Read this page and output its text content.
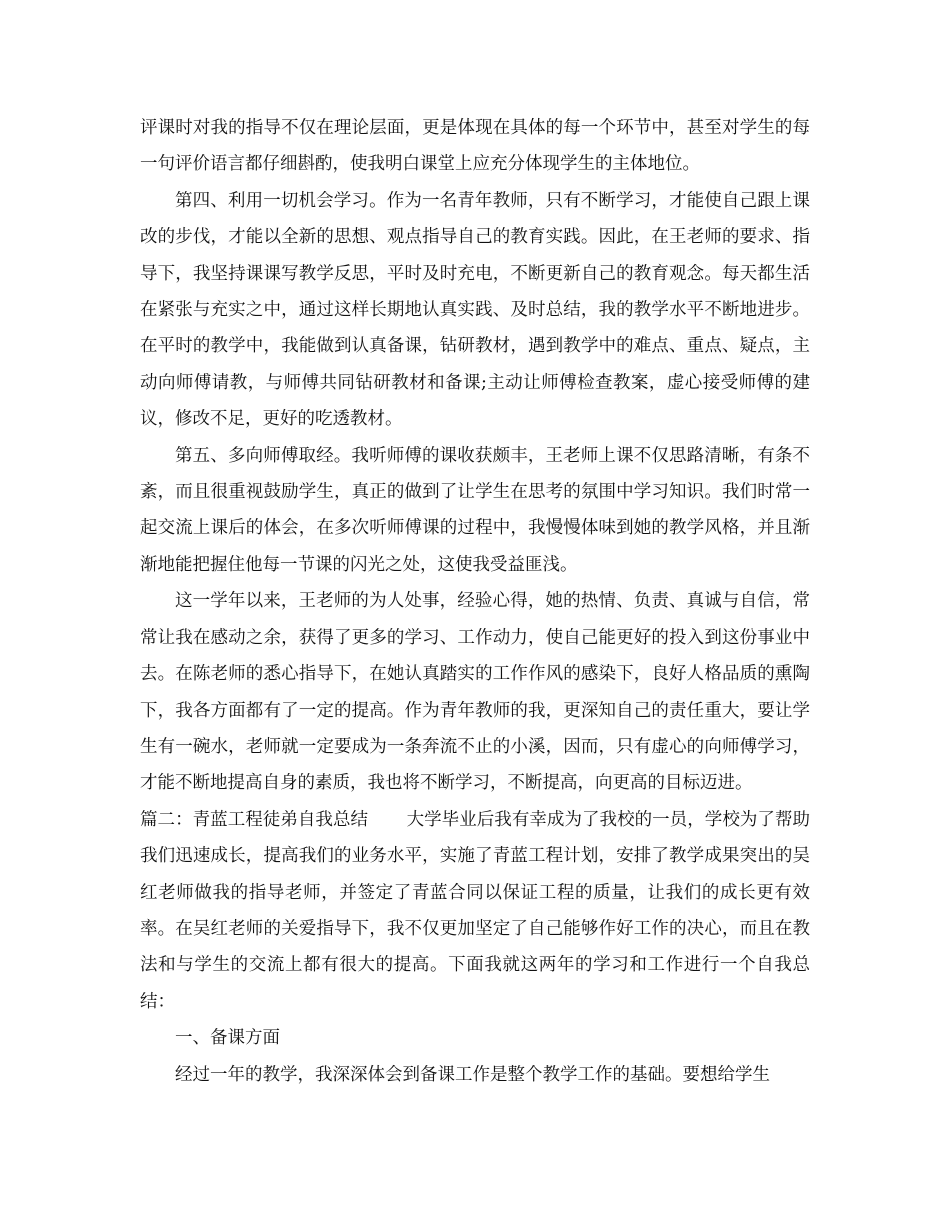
评课时对我的指导不仅在理论层面，更是体现在具体的每一个环节中，甚至对学生的每一句评价语言都仔细斟酌，使我明白课堂上应充分体现学生的主体地位。

第四、利用一切机会学习。作为一名青年教师，只有不断学习，才能使自己跟上课改的步伐，才能以全新的思想、观点指导自己的教育实践。因此，在王老师的要求、指导下，我坚持课课写教学反思，平时及时充电，不断更新自己的教育观念。每天都生活在紧张与充实之中，通过这样长期地认真实践、及时总结，我的教学水平不断地进步。在平时的教学中，我能做到认真备课，钻研教材，遇到教学中的难点、重点、疑点，主动向师傅请教，与师傅共同钻研教材和备课;主动让师傅检查教案，虚心接受师傅的建议，修改不足，更好的吃透教材。

第五、多向师傅取经。我听师傅的课收获颇丰，王老师上课不仅思路清晰，有条不紊，而且很重视鼓励学生，真正的做到了让学生在思考的氛围中学习知识。我们时常一起交流上课后的体会，在多次听师傅课的过程中，我慢慢体味到她的教学风格，并且渐渐地能把握住他每一节课的闪光之处，这使我受益匪浅。

这一学年以来，王老师的为人处事，经验心得，她的热情、负责、真诚与自信，常常让我在感动之余，获得了更多的学习、工作动力，使自己能更好的投入到这份事业中去。在陈老师的悉心指导下，在她认真踏实的工作作风的感染下，良好人格品质的熏陶下，我各方面都有了一定的提高。作为青年教师的我，更深知自己的责任重大，要让学生有一碗水，老师就一定要成为一条奔流不止的小溪，因而，只有虚心的向师傅学习，才能不断地提高自身的素质，我也将不断学习，不断提高，向更高的目标迈进。

篇二：青蓝工程徒弟自我总结 大学毕业后我有幸成为了我校的一员，学校为了帮助我们迅速成长，提高我们的业务水平，实施了青蓝工程计划，安排了教学成果突出的吴红老师做我的指导老师，并签定了青蓝合同以保证工程的质量，让我们的成长更有效率。在吴红老师的关爱指导下，我不仅更加坚定了自己能够作好工作的决心，而且在教法和与学生的交流上都有很大的提高。下面我就这两年的学习和工作进行一个自我总结：

一、备课方面

经过一年的教学，我深深体会到备课工作是整个教学工作的基础。要想给学生
